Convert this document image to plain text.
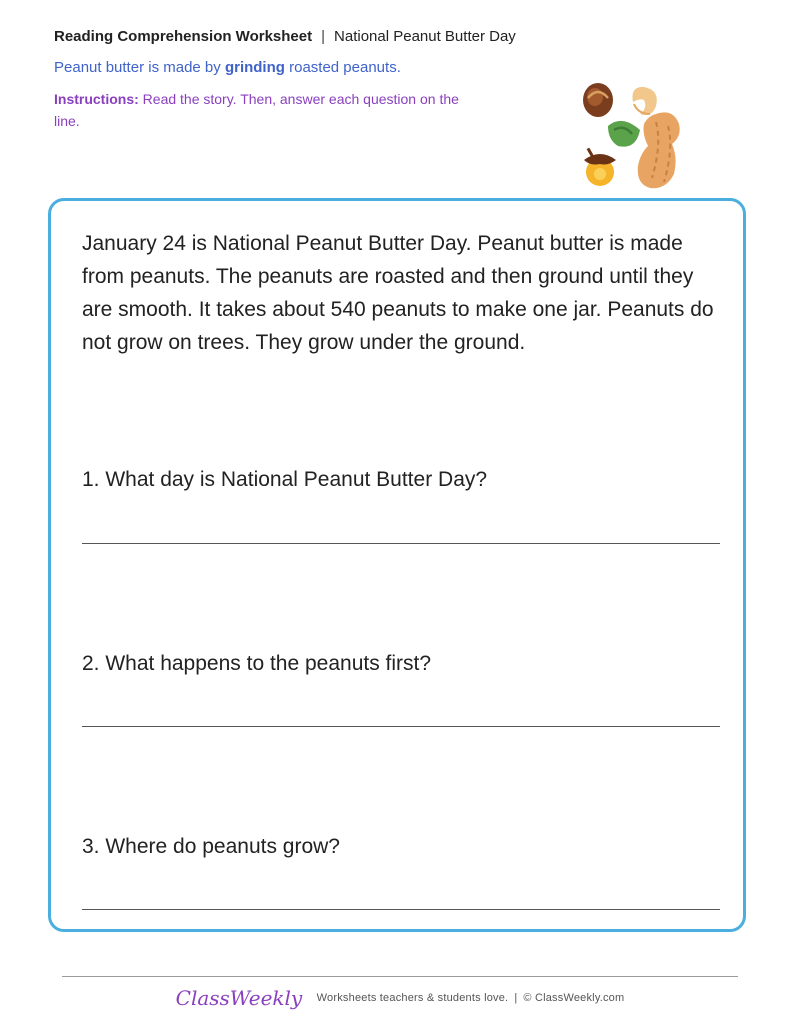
Reading Comprehension Worksheet | National Peanut Butter Day
Peanut butter is made by grinding roasted peanuts.
Instructions: Read the story. Then, answer each question on the line.

January 24 is National Peanut Butter Day. Peanut butter is made from peanuts. The peanuts are roasted and then ground until they are smooth. It takes about 540 peanuts to make one jar. Peanuts do not grow on trees. They grow under the ground.

1. What day is National Peanut Butter Day?
2. What happens to the peanuts first?
3. Where do peanuts grow?
ClassWeekly Worksheets teachers & students love. | © ClassWeekly.com
